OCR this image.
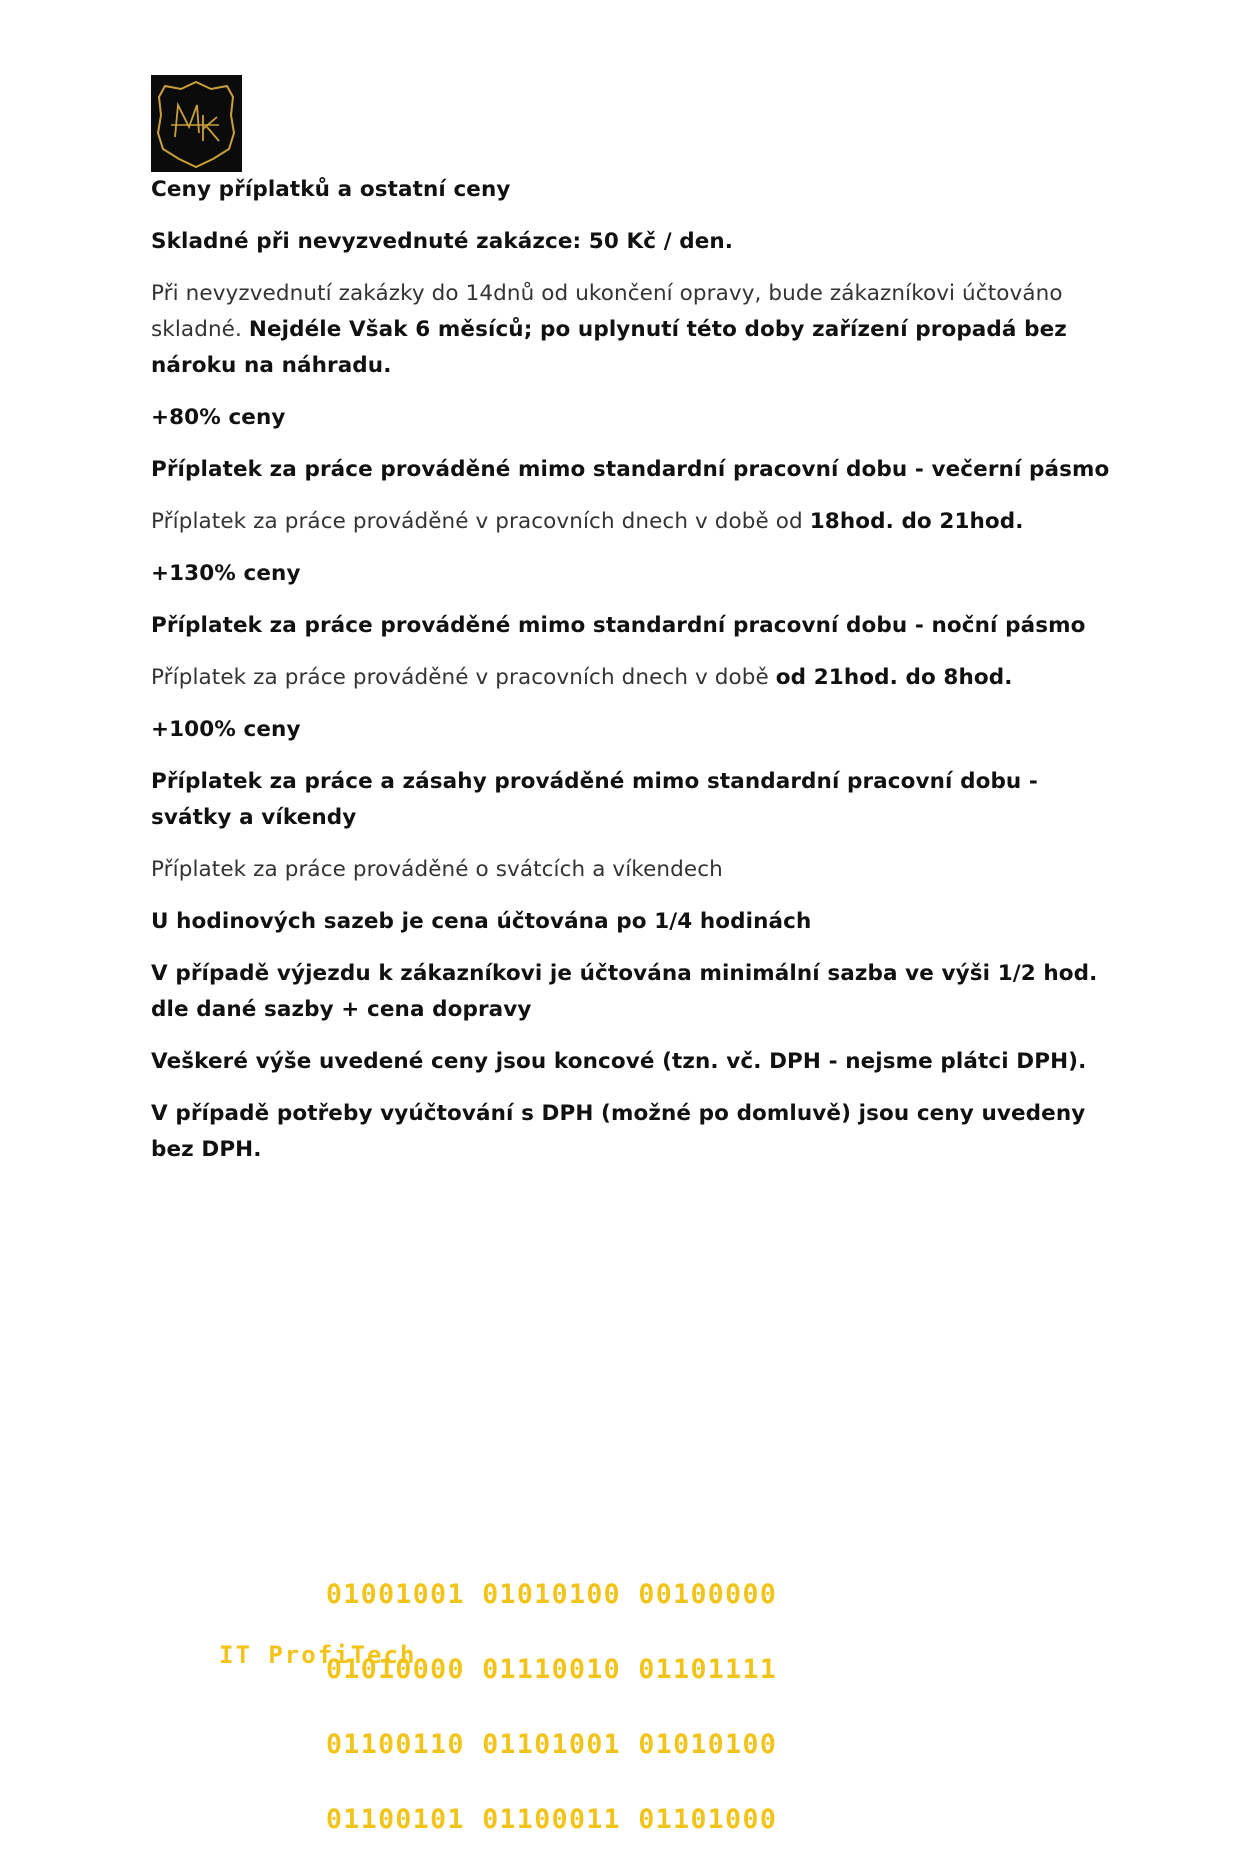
Ceny příplatků a ostatní ceny

Skladné při nevyzvednuté zakázce: 50 Kč / den.

Při nevyzvednutí zakázky do 14dnů od ukončení opravy, bude zákazníkovi účtováno skladné. Nejdéle Však 6 měsíců; po uplynutí této doby zařízení propadá bez nároku na náhradu.

+80% ceny

Příplatek za práce prováděné mimo standardní pracovní dobu - večerní pásmo

Příplatek za práce prováděné v pracovních dnech v době od 18hod. do 21hod.

+130% ceny

Příplatek za práce prováděné mimo standardní pracovní dobu - noční pásmo

Příplatek za práce prováděné v pracovních dnech v době od 21hod. do 8hod.

+100% ceny

Příplatek za práce a zásahy prováděné mimo standardní pracovní dobu - svátky a víkendy

Příplatek za práce prováděné o svátcích a víkendech

U hodinových sazeb je cena účtována po 1/4 hodinách

V případě výjezdu k zákazníkovi je účtována minimální sazba ve výši 1/2 hod. dle dané sazby + cena dopravy

Veškeré výše uvedené ceny jsou koncové (tzn. vč. DPH - nejsme plátci DPH).

V případě potřeby vyúčtování s DPH (možné po domluvě) jsou ceny uvedeny bez DPH.

01001001 01010100 00100000

01010000 01110010 01101111

01100110 01101001 01010100

01100101 01100011 01101000

IT ProfiTech
